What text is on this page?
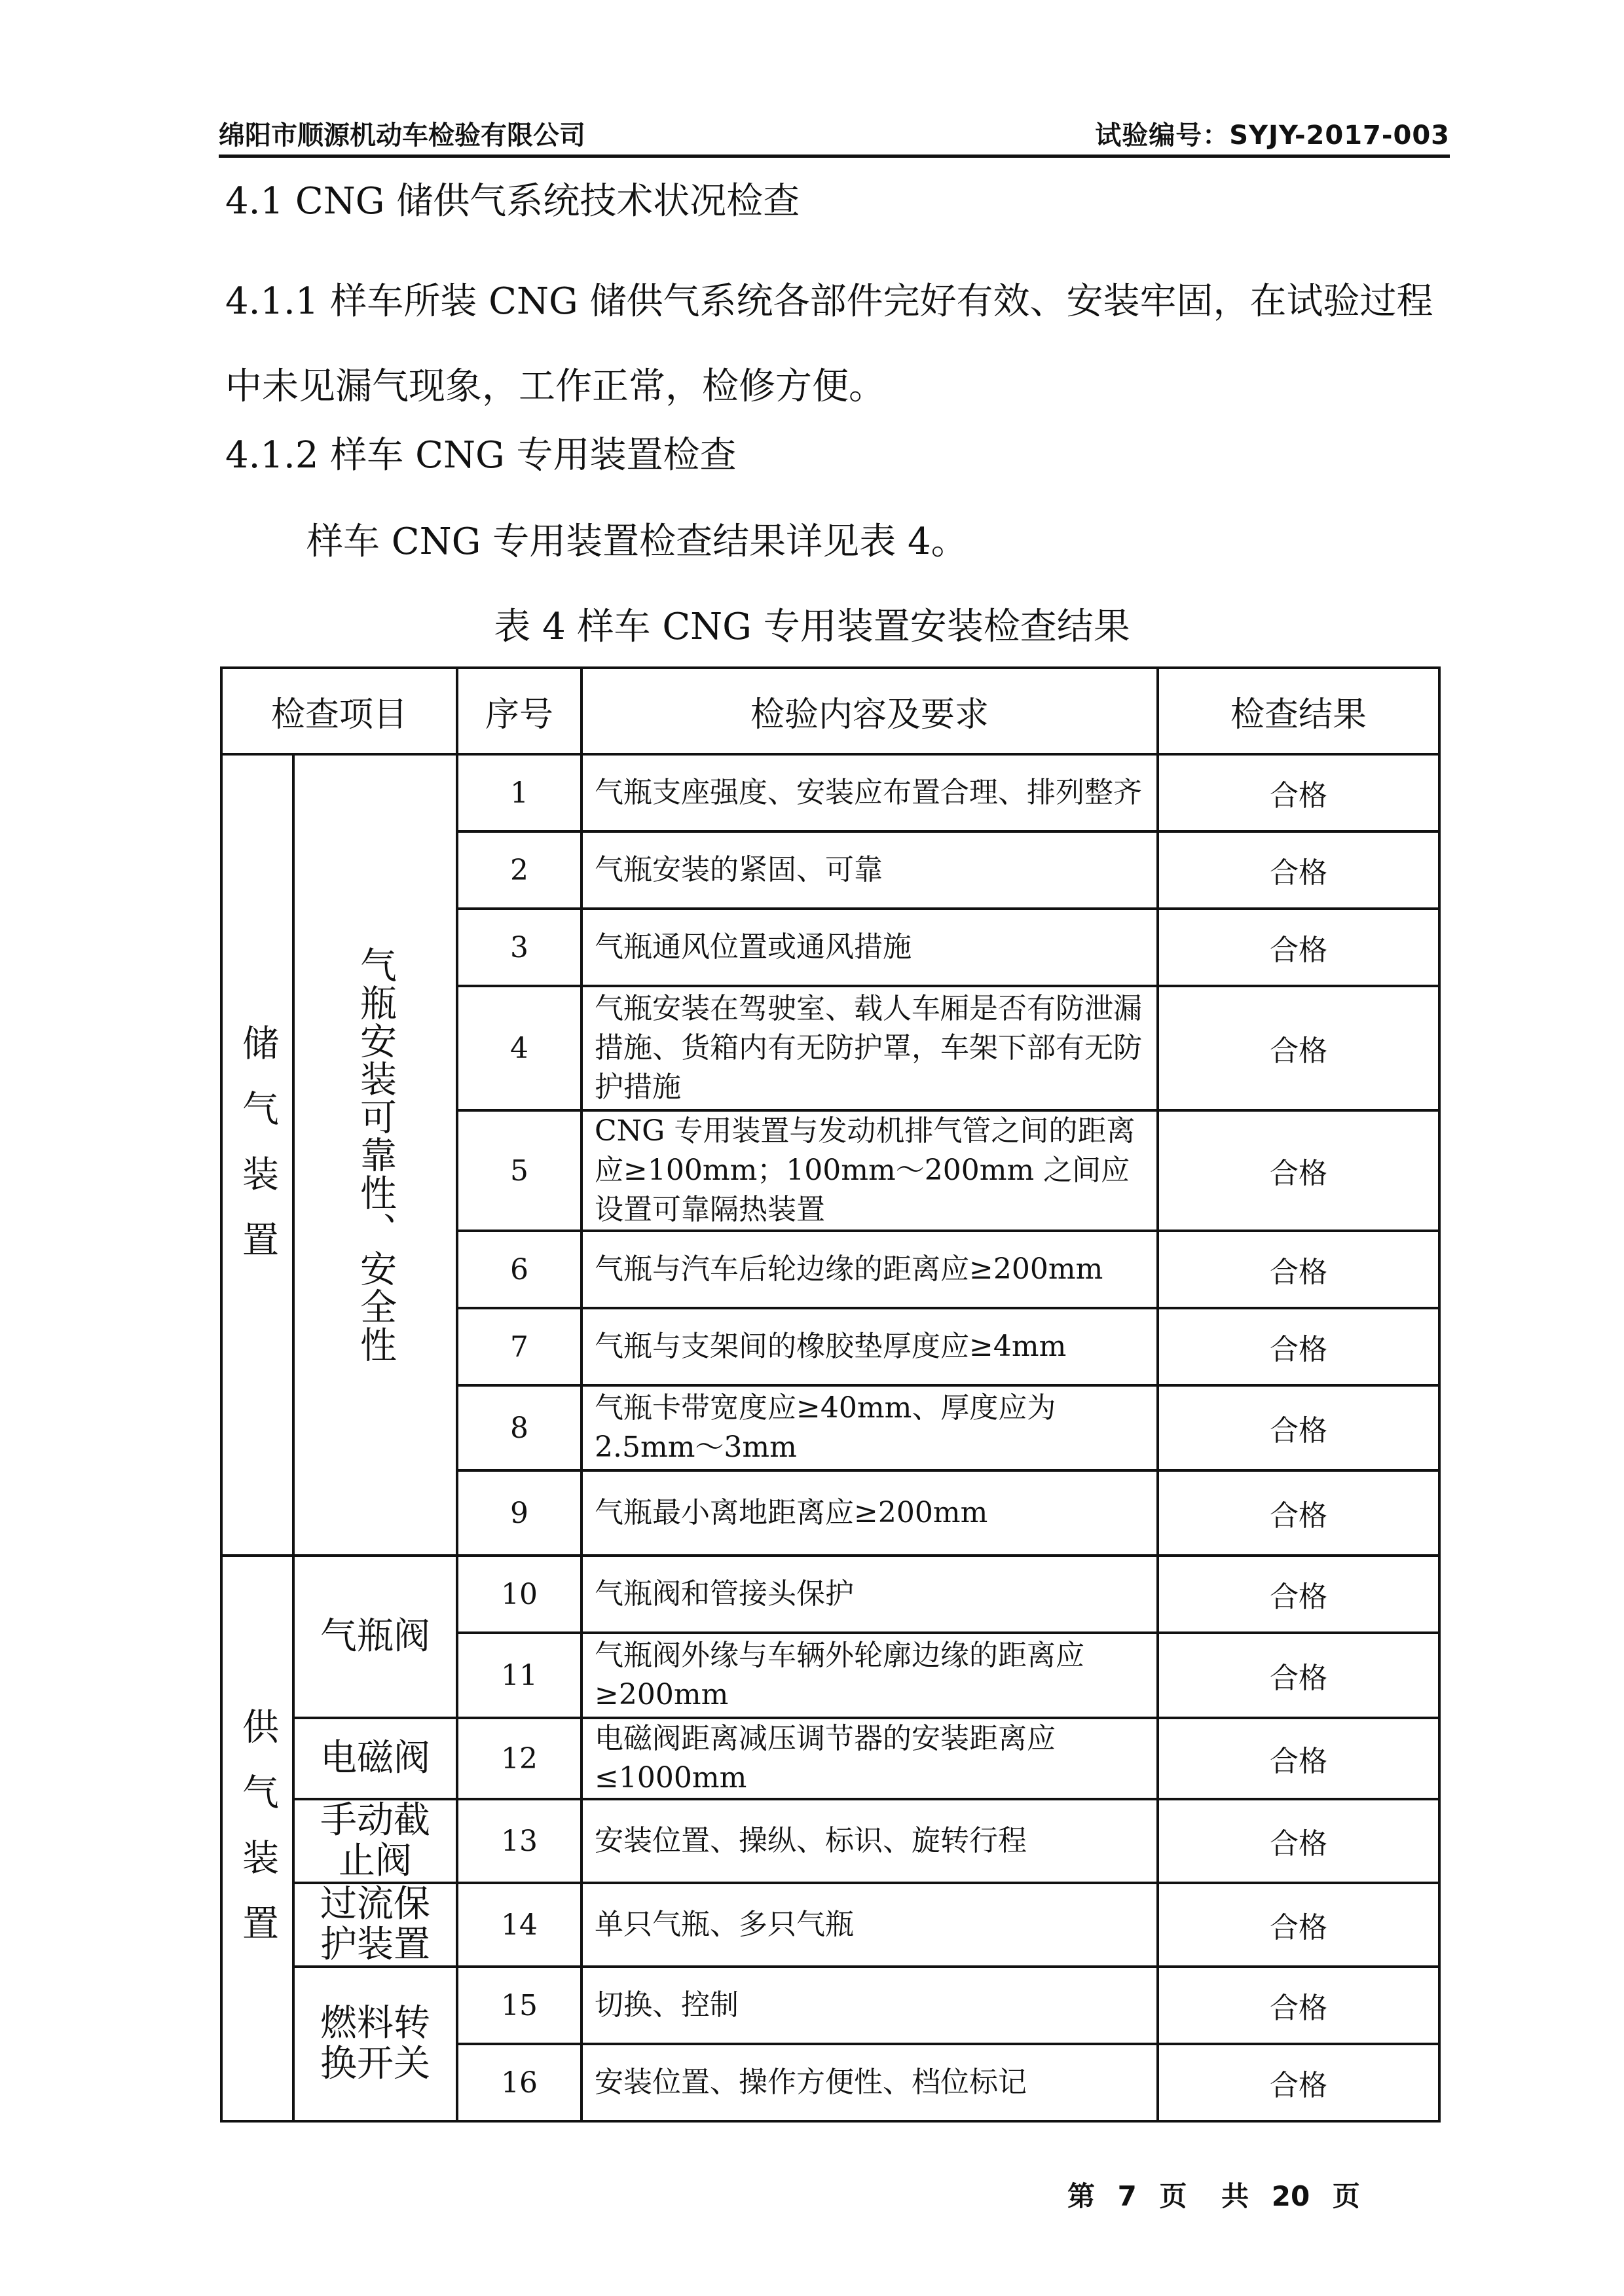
绵阳市顺源机动车检验有限公司	试验编号：SYJY-2017-003
4.1 CNG 储供气系统技术状况检查
4.1.1 样车所装 CNG 储供气系统各部件完好有效、安装牢固，在试验过程中未见漏气现象，工作正常，检修方便。
4.1.2 样车 CNG 专用装置检查
样车 CNG 专用装置检查结果详见表 4。
表 4 样车 CNG 专用装置安装检查结果
检查项目		序号	检验内容及要求	检查结果

储气装置	气瓶安装可靠性、安全性	1	气瓶支座强度、安装应布置合理、排列整齐	合格
		2	气瓶安装的紧固、可靠	合格
		3	气瓶通风位置或通风措施	合格
		4	气瓶安装在驾驶室、载人车厢是否有防泄漏措施、货箱内有无防护罩，车架下部有无防护措施	合格
		5	CNG 专用装置与发动机排气管之间的距离应≥100mm；100mm～200mm 之间应设置可靠隔热装置	合格
		6	气瓶与汽车后轮边缘的距离应≥200mm	合格
		7	气瓶与支架间的橡胶垫厚度应≥4mm	合格
		8	气瓶卡带宽度应≥40mm、厚度应为 2.5mm～3mm	合格
		9	气瓶最小离地距离应≥200mm	合格

供气装置	气瓶阀	10	气瓶阀和管接头保护	合格
		11	气瓶阀外缘与车辆外轮廓边缘的距离应≥200mm	合格

	电磁阀	12	电磁阀距离减压调节器的安装距离应≤1000mm	合格

	手动截止阀	13	安装位置、操纵、标识、旋转行程	合格

	过流保护装置	14	单只气瓶、多只气瓶	合格

	燃料转换开关	15	切换、控制	合格
		16	安装位置、操作方便性、档位标记	合格
第 7 页 共 20 页
